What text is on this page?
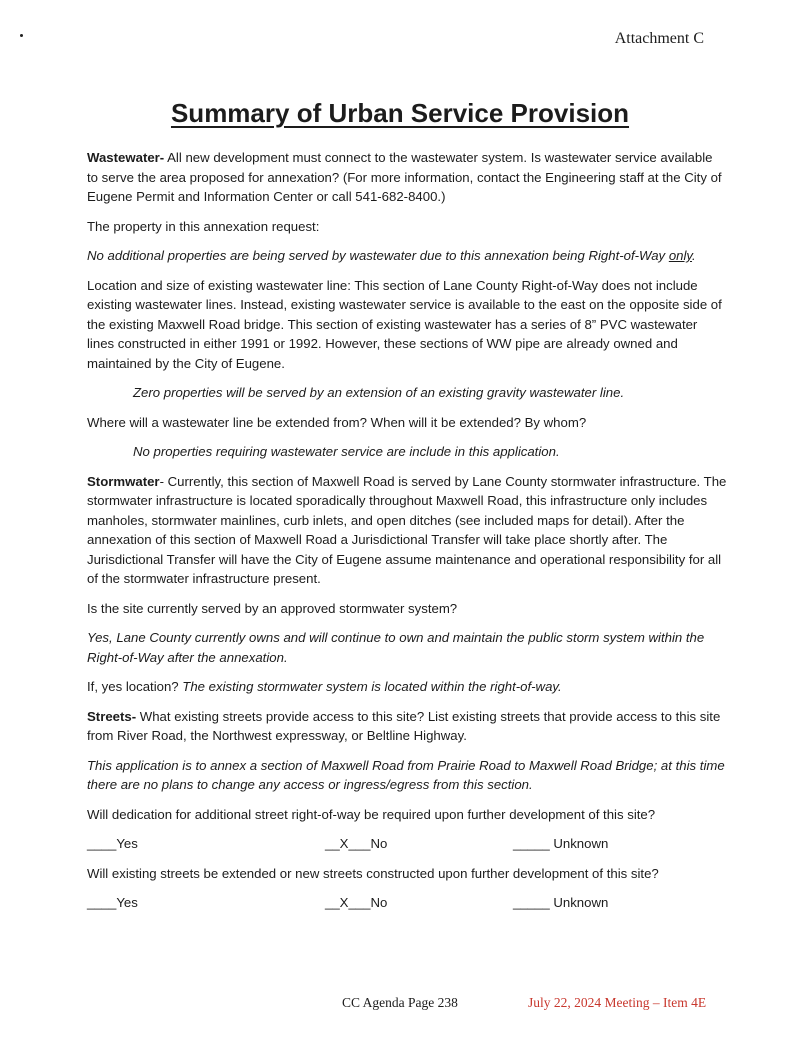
Attachment C
Summary of Urban Service Provision

Wastewater- All new development must connect to the wastewater system. Is wastewater service available to serve the area proposed for annexation? (For more information, contact the Engineering staff at the City of Eugene Permit and Information Center or call 541-682-8400.)

The property in this annexation request:

No additional properties are being served by wastewater due to this annexation being Right-of-Way only.

Location and size of existing wastewater line: This section of Lane County Right-of-Way does not include existing wastewater lines. Instead, existing wastewater service is available to the east on the opposite side of the existing Maxwell Road bridge. This section of existing wastewater has a series of 8” PVC wastewater lines constructed in either 1991 or 1992. However, these sections of WW pipe are already owned and maintained by the City of Eugene.

Zero properties will be served by an extension of an existing gravity wastewater line.

Where will a wastewater line be extended from? When will it be extended? By whom?

No properties requiring wastewater service are include in this application.

Stormwater- Currently, this section of Maxwell Road is served by Lane County stormwater infrastructure. The stormwater infrastructure is located sporadically throughout Maxwell Road, this infrastructure only includes manholes, stormwater mainlines, curb inlets, and open ditches (see included maps for detail). After the annexation of this section of Maxwell Road a Jurisdictional Transfer will take place shortly after. The Jurisdictional Transfer will have the City of Eugene assume maintenance and operational responsibility for all of the stormwater infrastructure present.

Is the site currently served by an approved stormwater system?

Yes, Lane County currently owns and will continue to own and maintain the public storm system within the Right-of-Way after the annexation.

If, yes location? The existing stormwater system is located within the right-of-way.

Streets- What existing streets provide access to this site? List existing streets that provide access to this site from River Road, the Northwest expressway, or Beltline Highway.

This application is to annex a section of Maxwell Road from Prairie Road to Maxwell Road Bridge; at this time there are no plans to change any access or ingress/egress from this section.

Will dedication for additional street right-of-way be required upon further development of this site?

____Yes	__X___No	_____ Unknown

Will existing streets be extended or new streets constructed upon further development of this site?

____Yes	__X___No	_____ Unknown
CC Agenda Page 238	July 22, 2024 Meeting – Item 4E
